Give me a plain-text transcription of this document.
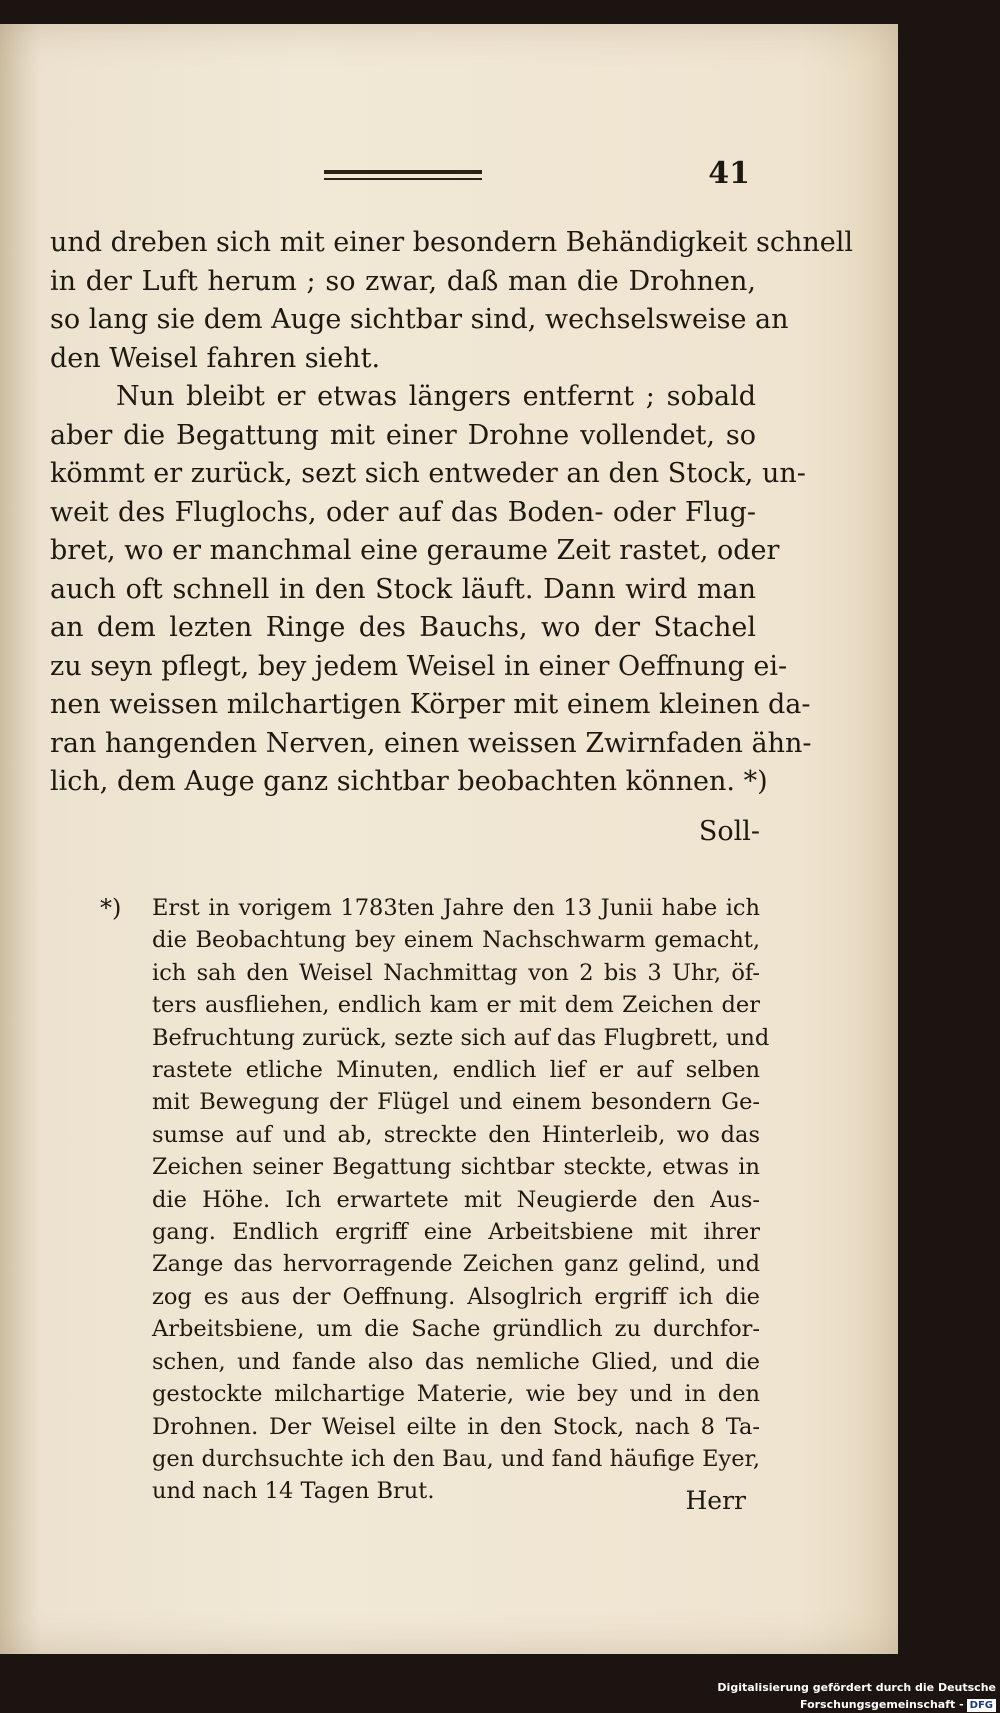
41
und dreben sich mit einer besondern Behändigkeit schnell
in der Luft herum ; so zwar, daß man die Drohnen,
so lang sie dem Auge sichtbar sind, wechselsweise an
den Weisel fahren sieht.
Nun bleibt er etwas längers entfernt ; sobald
aber die Begattung mit einer Drohne vollendet, so
kömmt er zurück, sezt sich entweder an den Stock, un-
weit des Fluglochs, oder auf das Boden- oder Flug-
bret, wo er manchmal eine geraume Zeit rastet, oder
auch oft schnell in den Stock läuft. Dann wird man
an dem lezten Ringe des Bauchs, wo der Stachel
zu seyn pflegt, bey jedem Weisel in einer Oeffnung ei-
nen weissen milchartigen Körper mit einem kleinen da-
ran hangenden Nerven, einen weissen Zwirnfaden ähn-
lich, dem Auge ganz sichtbar beobachten können. *)
Soll-
*)	Erst in vorigem 1783ten Jahre den 13 Junii habe ich
die Beobachtung bey einem Nachschwarm gemacht,
ich sah den Weisel Nachmittag von 2 bis 3 Uhr, öf-
ters ausfliehen, endlich kam er mit dem Zeichen der
Befruchtung zurück, sezte sich auf das Flugbrett, und
rastete etliche Minuten, endlich lief er auf selben
mit Bewegung der Flügel und einem besondern Ge-
sumse auf und ab, streckte den Hinterleib, wo das
Zeichen seiner Begattung sichtbar steckte, etwas in
die Höhe. Ich erwartete mit Neugierde den Aus-
gang. Endlich ergriff eine Arbeitsbiene mit ihrer
Zange das hervorragende Zeichen ganz gelind, und
zog es aus der Oeffnung. Alsoglrich ergriff ich die
Arbeitsbiene, um die Sache gründlich zu durchfor-
schen, und fande also das nemliche Glied, und die
gestockte milchartige Materie, wie bey und in den
Drohnen. Der Weisel eilte in den Stock, nach 8 Ta-
gen durchsuchte ich den Bau, und fand häufige Eyer,
und nach 14 Tagen Brut.	Herr
Digitalisierung gefördert durch die Deutsche Forschungsgemeinschaft - DFG
